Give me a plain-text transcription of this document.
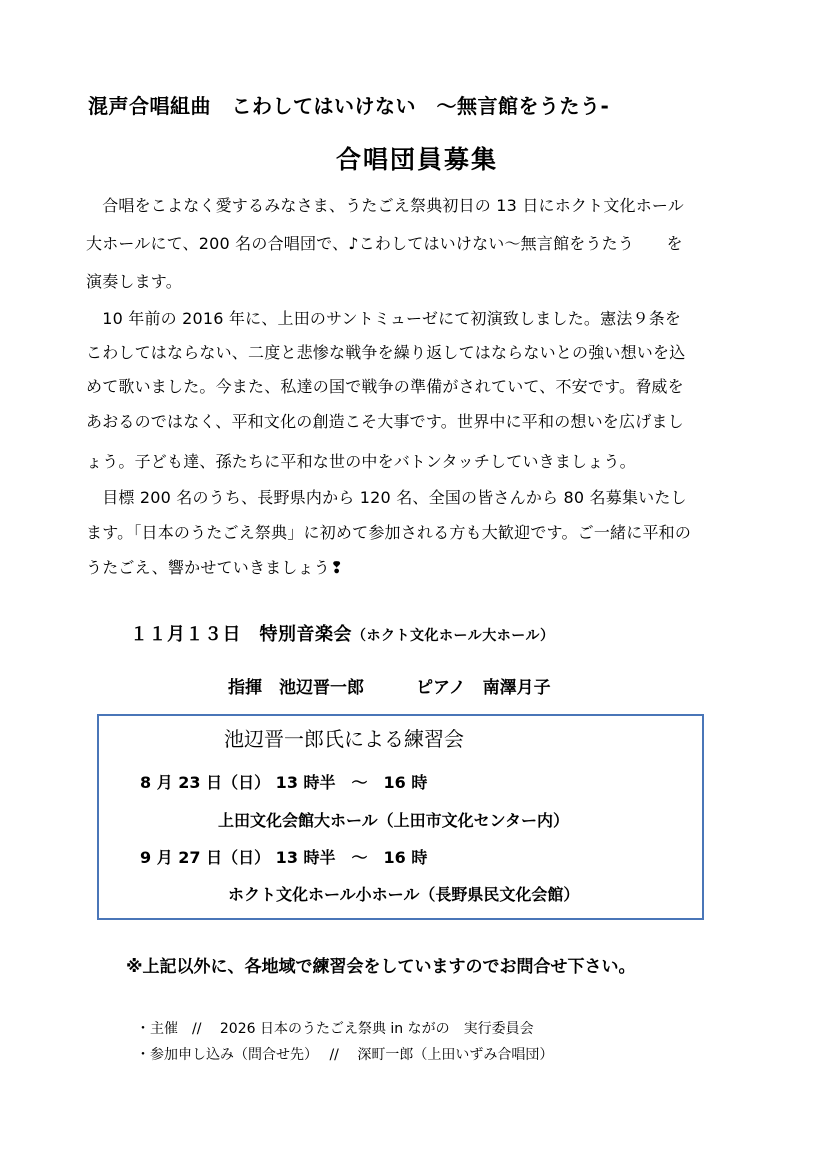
混声合唱組曲　こわしてはいけない　～無言館をうたう-
合唱団員募集
　合唱をこよなく愛するみなさま、うたごえ祭典初日の 13 日にホクト文化ホール
大ホールにて、200 名の合唱団で、♪こわしてはいけない～無言館をうたう　　を
演奏します。
　10 年前の 2016 年に、上田のサントミューゼにて初演致しました。憲法９条を
こわしてはならない、二度と悲惨な戦争を繰り返してはならないとの強い想いを込
めて歌いました。今また、私達の国で戦争の準備がされていて、不安です。脅威を
あおるのではなく、平和文化の創造こそ大事です。世界中に平和の想いを広げまし
ょう。子ども達、孫たちに平和な世の中をバトンタッチしていきましょう。
　目標 200 名のうち、長野県内から 120 名、全国の皆さんから 80 名募集いたし
ます。「日本のうたごえ祭典」に初めて参加される方も大歓迎です。ご一緒に平和の
うたごえ、響かせていきましょう❢
１１月１３日　特別音楽会（ホクト文化ホール大ホール）
指揮　池辺晋一郎	ピアノ　南澤月子
池辺晋一郎氏による練習会
8 月 23 日（日） 13 時半　～　16 時
上田文化会館大ホール（上田市文化センター内）
9 月 27 日（日） 13 時半　～　16 時
ホクト文化ホール小ホール（長野県民文化会館）
※上記以外に、各地域で練習会をしていますのでお問合せ下さい。
・主催　//　 2026 日本のうたごえ祭典 in ながの　実行委員会
・参加申し込み（問合せ先）　 //　 深町一郎（上田いずみ合唱団）
